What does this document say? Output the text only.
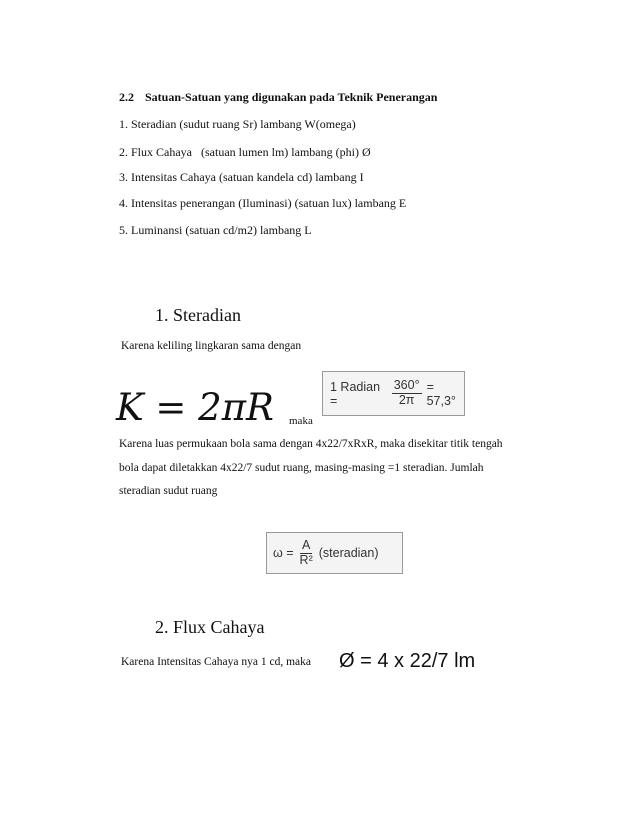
2.2 Satuan-Satuan yang digunakan pada Teknik Penerangan
1. Steradian (sudut ruang Sr) lambang W(omega)
2. Flux Cahaya   (satuan lumen lm) lambang (phi) Ø
3. Intensitas Cahaya (satuan kandela cd) lambang I
4. Intensitas penerangan (Iluminasi) (satuan lux) lambang E
5. Luminansi (satuan cd/m2) lambang L
1. Steradian
Karena keliling lingkaran sama dengan
K = 2πR maka
1 Radian =	$\frac{360^\circ}{2\pi} = 57,3^\circ$
Karena luas permukaan bola sama dengan 4x22/7xRxR, maka disekitar titik tengah
bola dapat diletakkan 4x22/7 sudut ruang, masing-masing =1 steradian. Jumlah
steradian sudut ruang
$\omega = \frac{A}{\text{R²}}$ (steradian)
2. Flux Cahaya
Karena Intensitas Cahaya nya 1 cd, maka Ø = 4 x 22/7 lm
